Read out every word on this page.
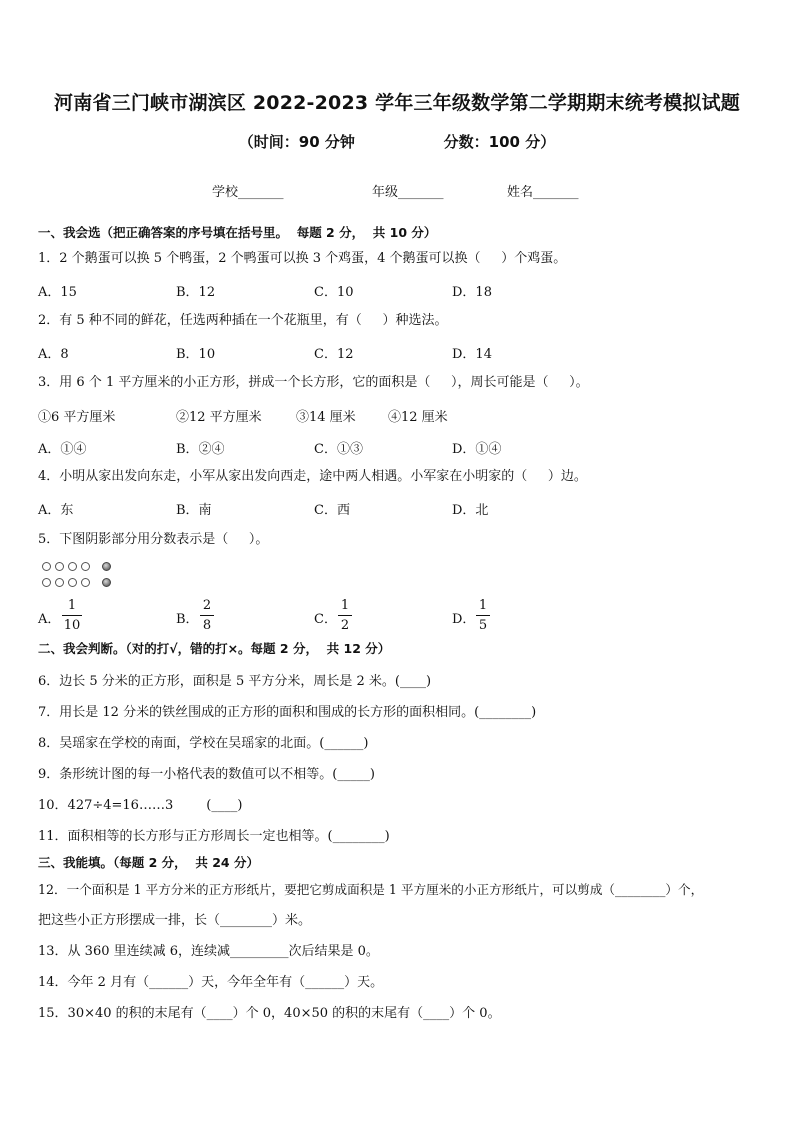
河南省三门峡市湖滨区 2022-2023 学年三年级数学第二学期期末统考模拟试题
（时间：90 分钟                 分数：100 分）
学校_______	年级_______	姓名_______
一、我会选（把正确答案的序号填在括号里。  每题 2 分，  共 10 分）
1．2 个鹅蛋可以换 5 个鸭蛋，2 个鸭蛋可以换 3 个鸡蛋，4 个鹅蛋可以换（     ）个鸡蛋。
A．15	B．12	C．10	D．18
2．有 5 种不同的鲜花，任选两种插在一个花瓶里，有（     ）种选法。
A．8	B．10	C．12	D．14
3．用 6 个 1 平方厘米的小正方形，拼成一个长方形，它的面积是（     ），周长可能是（     ）。
①6 平方厘米	②12 平方厘米	③14 厘米 ④12 厘米
A．①④	B．②④	C．①③	D．①④
4．小明从家出发向东走，小军从家出发向西走，途中两人相遇。小军家在小明家的（     ）边。
A．东	B．南	C．西	D．北
5．下图阴影部分用分数表示是（     ）。
A．
1
10	B．
2
8	C．
1
2	D．
1
5
二、我会判断。（对的打√，错的打×。每题 2 分，  共 12 分）
6．边长 5 分米的正方形，面积是 5 平方分米，周长是 2 米。(____)
7．用长是 12 分米的铁丝围成的正方形的面积和围成的长方形的面积相同。(________)
8．吴瑶家在学校的南面，学校在吴瑶家的北面。(______)
9．条形统计图的每一小格代表的数值可以不相等。(_____)
10．427÷4=16……3        (____)
11．面积相等的长方形与正方形周长一定也相等。(________)
三、我能填。（每题 2 分，  共 24 分）
12．一个面积是 1 平方分米的正方形纸片，要把它剪成面积是 1 平方厘米的小正方形纸片，可以剪成（________）个，
把这些小正方形摆成一排，长（________）米。
13．从 360 里连续减 6，连续减_________次后结果是 0。
14．今年 2 月有（______）天，今年全年有（______）天。
15．30×40 的积的末尾有（____）个 0，40×50 的积的末尾有（____）个 0。
